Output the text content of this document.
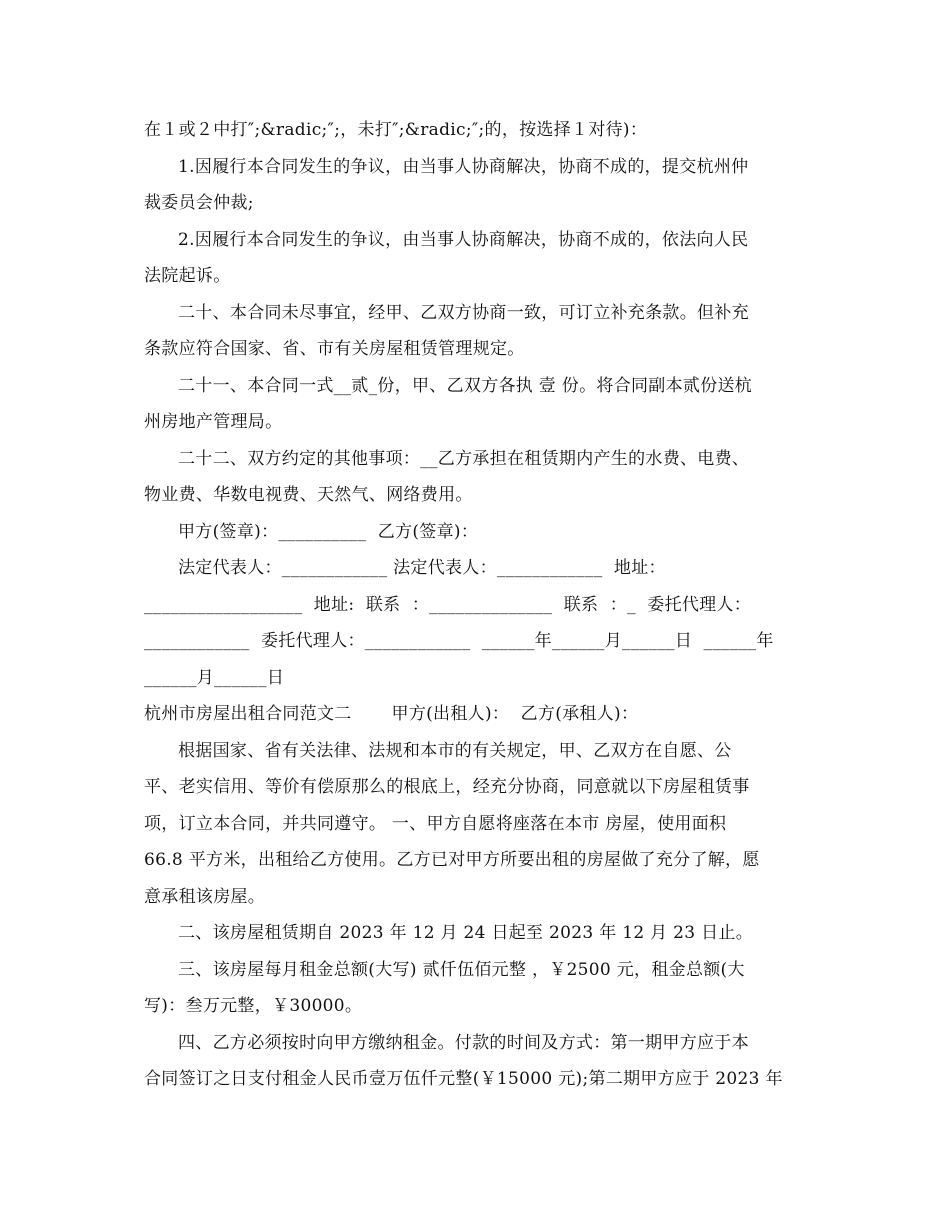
在１或２中打″;&radic;″;，未打″;&radic;″;的，按选择１对待)：
1.因履行本合同发生的争议，由当事人协商解决，协商不成的，提交杭州仲
裁委员会仲裁;
2.因履行本合同发生的争议，由当事人协商解决，协商不成的，依法向人民
法院起诉。
二十、本合同未尽事宜，经甲、乙双方协商一致，可订立补充条款。但补充
条款应符合国家、省、市有关房屋租赁管理规定。
二十一、本合同一式__贰_份，甲、乙双方各执 壹 份。将合同副本贰份送杭
州房地产管理局。
二十二、双方约定的其他事项：__乙方承担在租赁期内产生的水费、电费、
物业费、华数电视费、天然气、网络费用。
甲方(签章)：__________  乙方(签章)：
法定代表人：____________ 法定代表人：____________  地址：
__________________  地址:  联系  ：______________  联系  ：_  委托代理人：
____________  委托代理人：____________  ______年______月______日  ______年
______月______日
杭州市房屋出租合同范文二       甲方(出租人)：  乙方(承租人)：
根据国家、省有关法律、法规和本市的有关规定，甲、乙双方在自愿、公
平、老实信用、等价有偿原那么的根底上，经充分协商，同意就以下房屋租赁事
项，订立本合同，并共同遵守。 一、甲方自愿将座落在本市 房屋，使用面积
66.8 平方米，出租给乙方使用。乙方已对甲方所要出租的房屋做了充分了解，愿
意承租该房屋。
二、该房屋租赁期自 2023 年 12 月 24 日起至 2023 年 12 月 23 日止。
三、该房屋每月租金总额(大写) 贰仟伍佰元整 ，￥2500 元，租金总额(大
写)：叁万元整，￥30000。
四、乙方必须按时向甲方缴纳租金。付款的时间及方式：第一期甲方应于本
合同签订之日支付租金人民币壹万伍仟元整(￥15000 元);第二期甲方应于 2023 年
